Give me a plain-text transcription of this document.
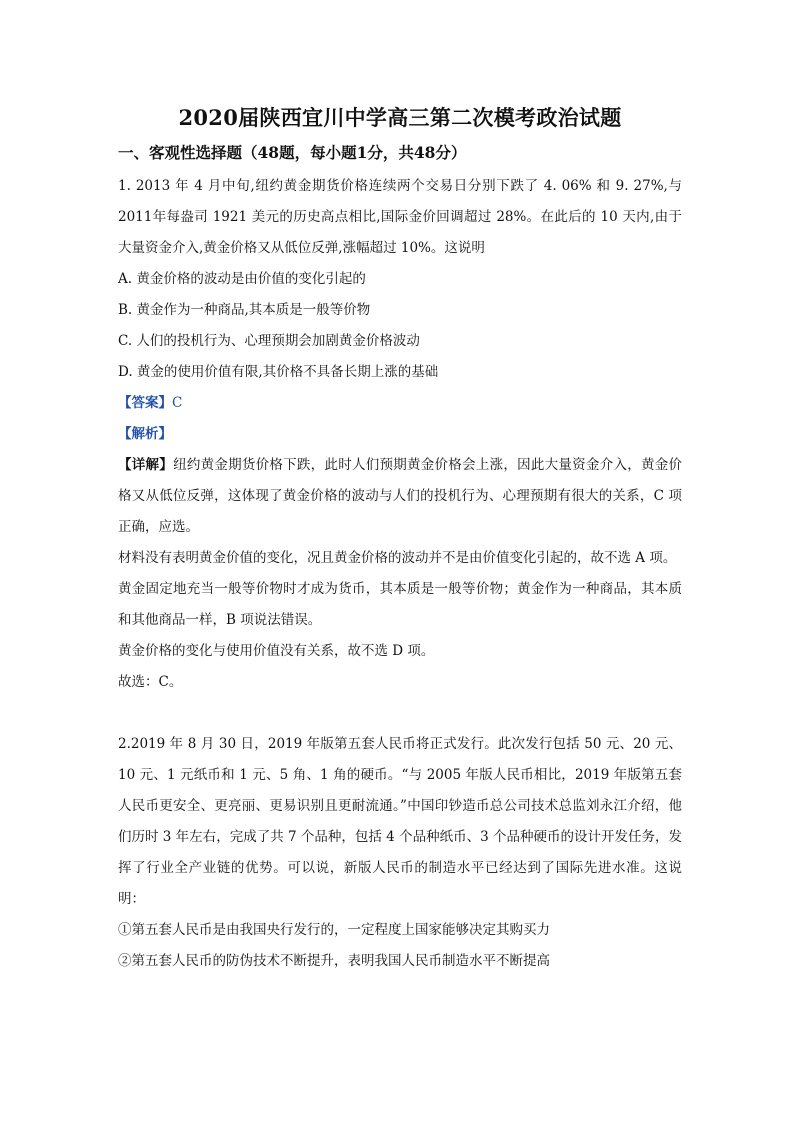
2020届陕西宜川中学高三第二次模考政治试题
一、客观性选择题（48题，每小题1分，共48分）

1. 2013 年 4 月中旬,纽约黄金期货价格连续两个交易日分别下跌了 4. 06% 和 9. 27%,与2011年每盎司 1921 美元的历史高点相比,国际金价回调超过 28%。在此后的 10 天内,由于大量资金介入,黄金价格又从低位反弹,涨幅超过 10%。这说明

A. 黄金价格的波动是由价值的变化引起的

B. 黄金作为一种商品,其本质是一般等价物

C. 人们的投机行为、心理预期会加剧黄金价格波动

D. 黄金的使用价值有限,其价格不具备长期上涨的基础

【答案】C

【解析】

【详解】纽约黄金期货价格下跌，此时人们预期黄金价格会上涨，因此大量资金介入，黄金价格又从低位反弹，这体现了黄金价格的波动与人们的投机行为、心理预期有很大的关系，C 项正确，应选。

材料没有表明黄金价值的变化，况且黄金价格的波动并不是由价值变化引起的，故不选 A 项。

黄金固定地充当一般等价物时才成为货币，其本质是一般等价物；黄金作为一种商品，其本质和其他商品一样，B 项说法错误。

黄金价格的变化与使用价值没有关系，故不选 D 项。

故选：C。

2.2019 年 8 月 30 日，2019 年版第五套人民币将正式发行。此次发行包括 50 元、20 元、10 元、1 元纸币和 1 元、5 角、1 角的硬币。“与 2005 年版人民币相比，2019 年版第五套人民币更安全、更亮丽、更易识别且更耐流通。”中国印钞造币总公司技术总监刘永江介绍，他们历时 3 年左右，完成了共 7 个品种，包括 4 个品种纸币、3 个品种硬币的设计开发任务，发挥了行业全产业链的优势。可以说，新版人民币的制造水平已经达到了国际先进水准。这说明：

①第五套人民币是由我国央行发行的，一定程度上国家能够决定其购买力

②第五套人民币的防伪技术不断提升，表明我国人民币制造水平不断提高
